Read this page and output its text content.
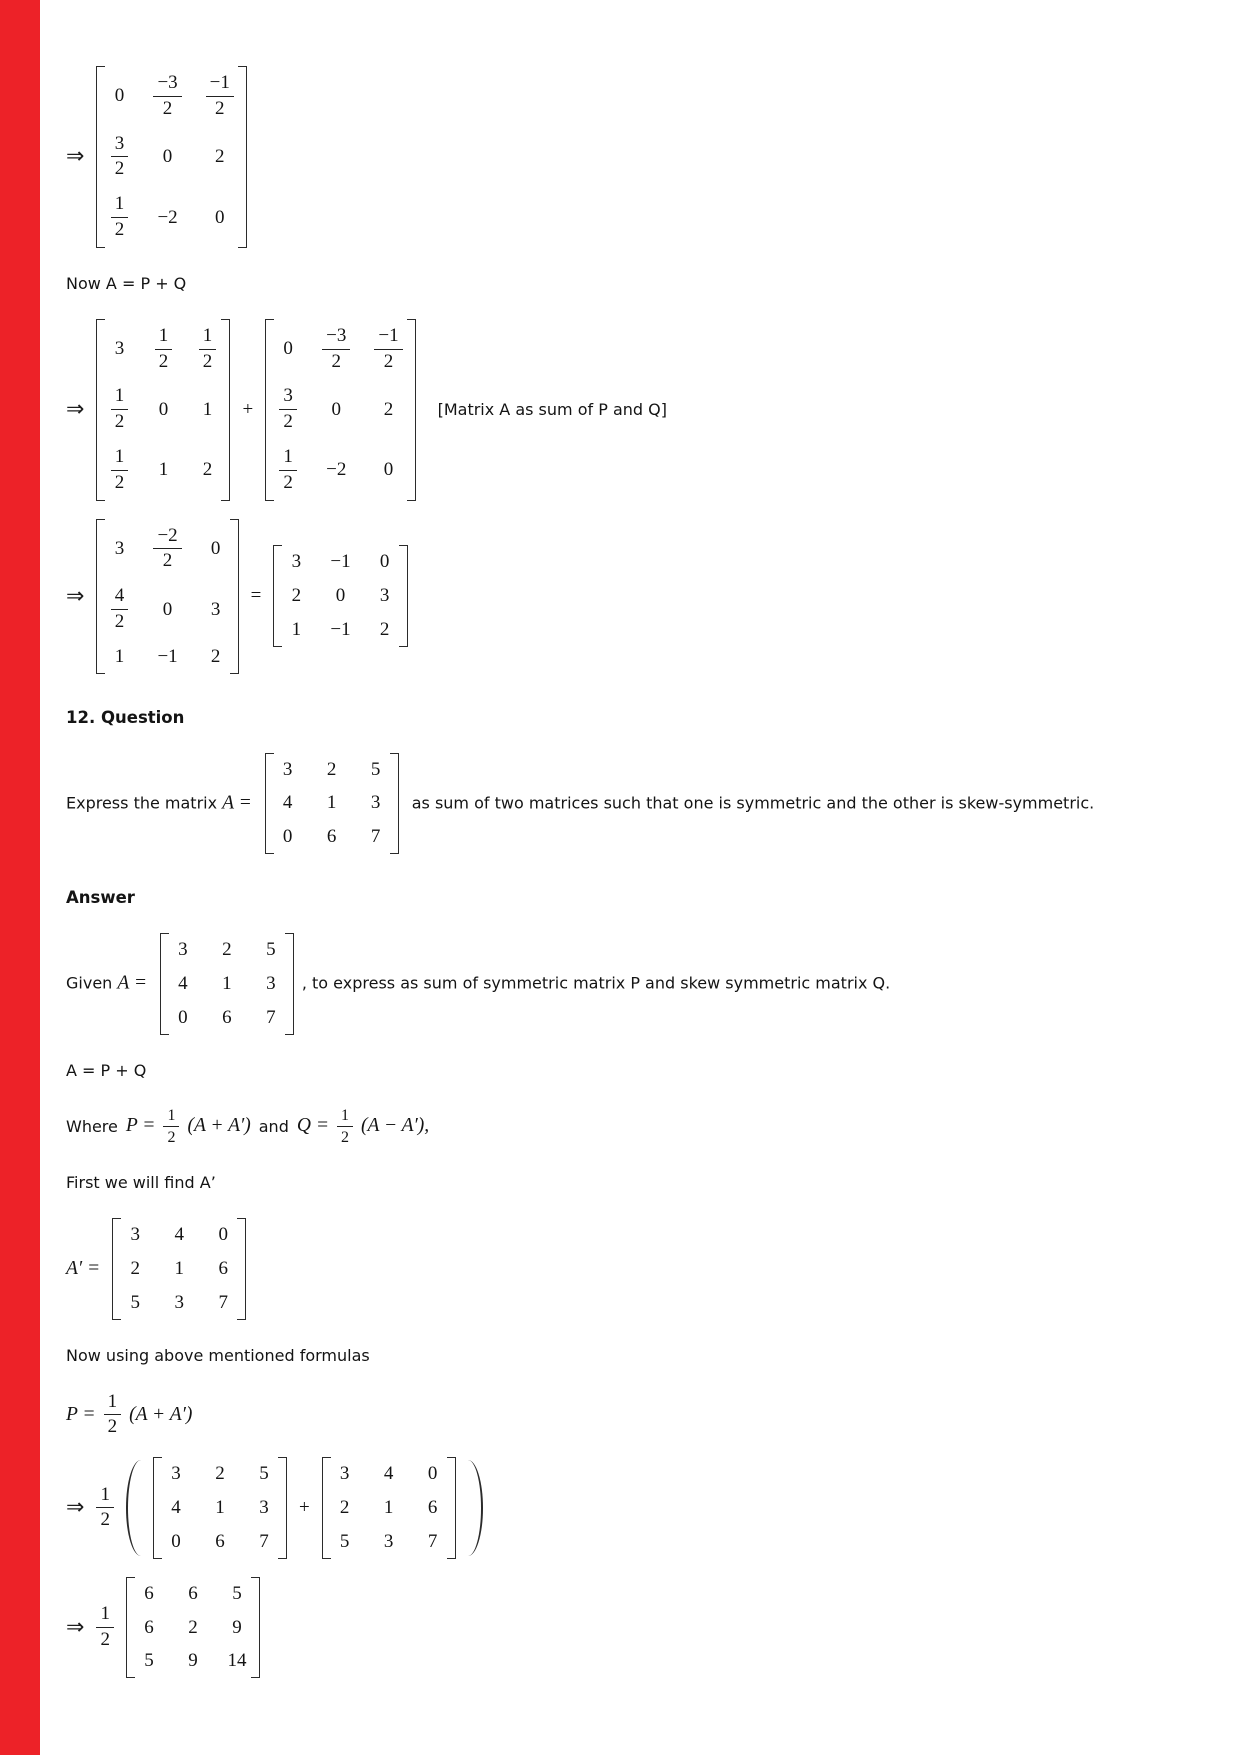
⇒
$0 \frac{-3}{2} \frac{-1}{2}$
$\frac{3}{2} 0$ 2
$\frac{1}{2} -2$ 0

Now A = P + Q

⇒
$3 \frac{1}{2} \frac{1}{2}$
$\frac{1}{2} 0$ 1
$\frac{1}{2} 1$ 2
+
$0 \frac{-3}{2} \frac{-1}{2}$
$\frac{3}{2} 0$ 2
$\frac{1}{2} -2$ 0
[Matrix A as sum of P and Q]
⇒
$3 \frac{-2}{2} 0$
$\frac{4}{2} 0$ 3
1 −1 2
=
3 −1 0
2 0 3
1 −1 2

12. Question

Express the matrix A =
3 2 5
4 1 3
0 6 7
as sum of two matrices such that one is symmetric and the other is skew-symmetric.

Answer

Given A =
3 2 5
4 1 3
0 6 7
, to express as sum of symmetric matrix P and skew symmetric matrix Q.

A = P + Q

Where $P = \frac{1}{2} (A + A')$ and $Q = \frac{1}{2} (A - A')$,

First we will find A’

A′ =
3 4 0
2 1 6
5 3 7

Now using above mentioned formulas

$P = \frac{1}{2} (A + A')$
⇒ $\frac{1}{2}$
3 2 5
4 1 3
0 6 7
+
3 4 0
2 1 6
5 3 7
⇒ $\frac{1}{2}$
6 6 5
6 2 9
5 9 14
